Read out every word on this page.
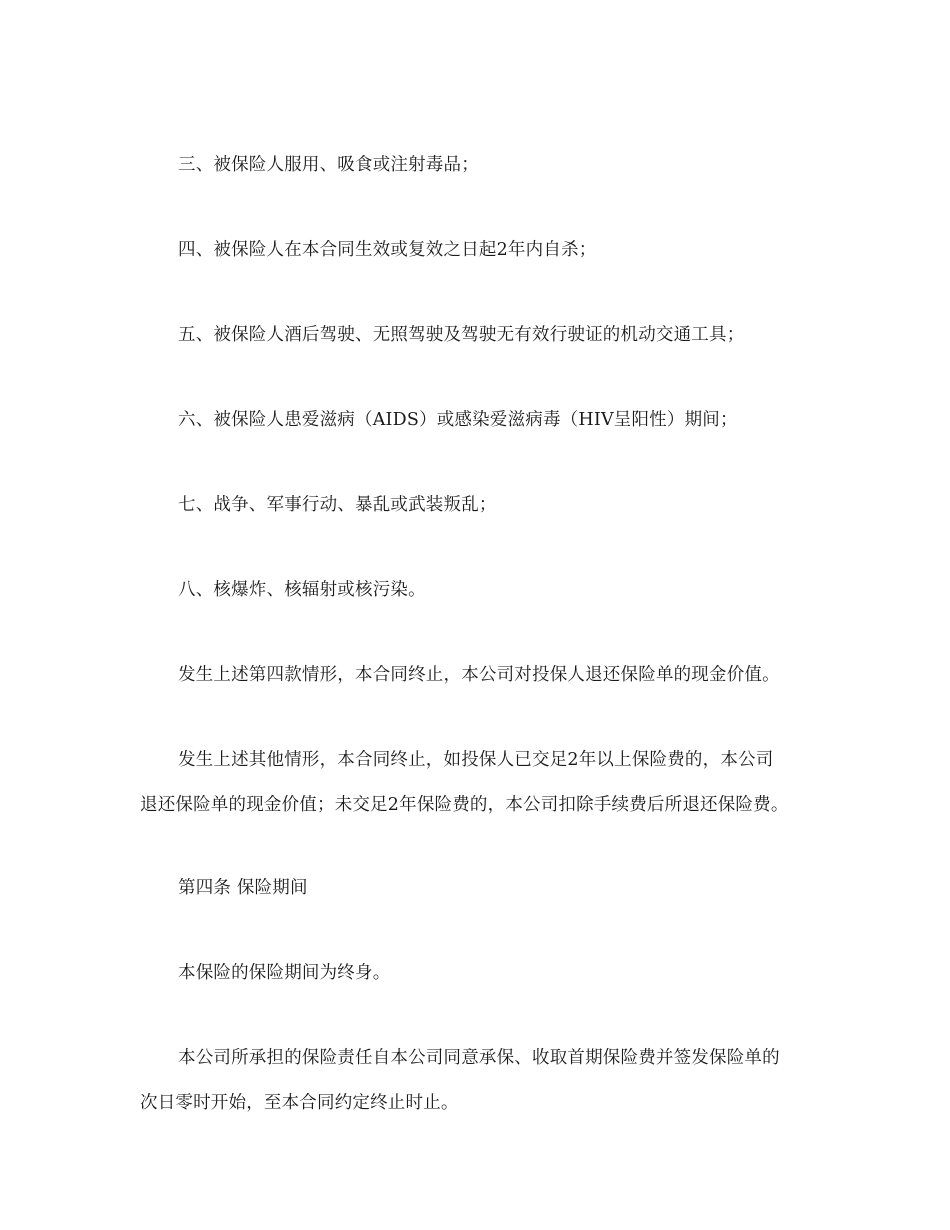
三、被保险人服用、吸食或注射毒品；
四、被保险人在本合同生效或复效之日起2年内自杀；
五、被保险人酒后驾驶、无照驾驶及驾驶无有效行驶证的机动交通工具；
六、被保险人患爱滋病（AIDS）或感染爱滋病毒（HIV呈阳性）期间；
七、战争、军事行动、暴乱或武装叛乱；
八、核爆炸、核辐射或核污染。
发生上述第四款情形，本合同终止，本公司对投保人退还保险单的现金价值。
发生上述其他情形，本合同终止，如投保人已交足2年以上保险费的，本公司
退还保险单的现金价值；未交足2年保险费的，本公司扣除手续费后所退还保险费。
第四条 保险期间
本保险的保险期间为终身。
本公司所承担的保险责任自本公司同意承保、收取首期保险费并签发保险单的
次日零时开始，至本合同约定终止时止。
